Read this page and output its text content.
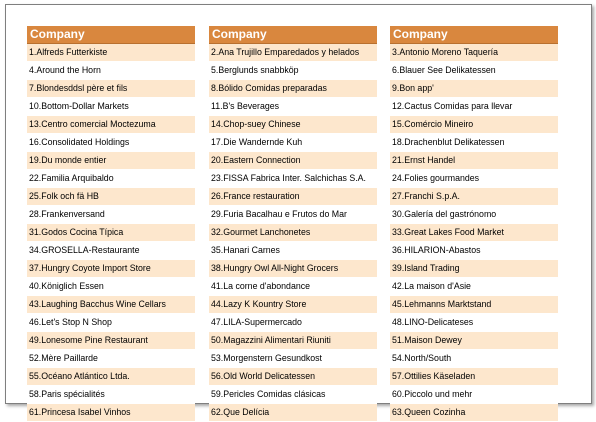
Company
1.Alfreds Futterkiste
4.Around the Horn
7.Blondesddsl père et fils
10.Bottom-Dollar Markets
13.Centro comercial Moctezuma
16.Consolidated Holdings
19.Du monde entier
22.Familia Arquibaldo
25.Folk och fä HB
28.Frankenversand
31.Godos Cocina Típica
34.GROSELLA-Restaurante
37.Hungry Coyote Import Store
40.Königlich Essen
43.Laughing Bacchus Wine Cellars
46.Let's Stop N Shop
49.Lonesome Pine Restaurant
52.Mère Paillarde
55.Océano Atlántico Ltda.
58.Paris spécialités
61.Princesa Isabel Vinhos
Company
2.Ana Trujillo Emparedados y helados
5.Berglunds snabbköp
8.Bólido Comidas preparadas
11.B's Beverages
14.Chop-suey Chinese
17.Die Wandernde Kuh
20.Eastern Connection
23.FISSA Fabrica Inter. Salchichas S.A.
26.France restauration
29.Furia Bacalhau e Frutos do Mar
32.Gourmet Lanchonetes
35.Hanari Carnes
38.Hungry Owl All-Night Grocers
41.La corne d'abondance
44.Lazy K Kountry Store
47.LILA-Supermercado
50.Magazzini Alimentari Riuniti
53.Morgenstern Gesundkost
56.Old World Delicatessen
59.Pericles Comidas clásicas
62.Que Delícia
Company
3.Antonio Moreno Taquería
6.Blauer See Delikatessen
9.Bon app'
12.Cactus Comidas para llevar
15.Comércio Mineiro
18.Drachenblut Delikatessen
21.Ernst Handel
24.Folies gourmandes
27.Franchi S.p.A.
30.Galería del gastrónomo
33.Great Lakes Food Market
36.HILARION-Abastos
39.Island Trading
42.La maison d'Asie
45.Lehmanns Marktstand
48.LINO-Delicateses
51.Maison Dewey
54.North/South
57.Ottilies Käseladen
60.Piccolo und mehr
63.Queen Cozinha
